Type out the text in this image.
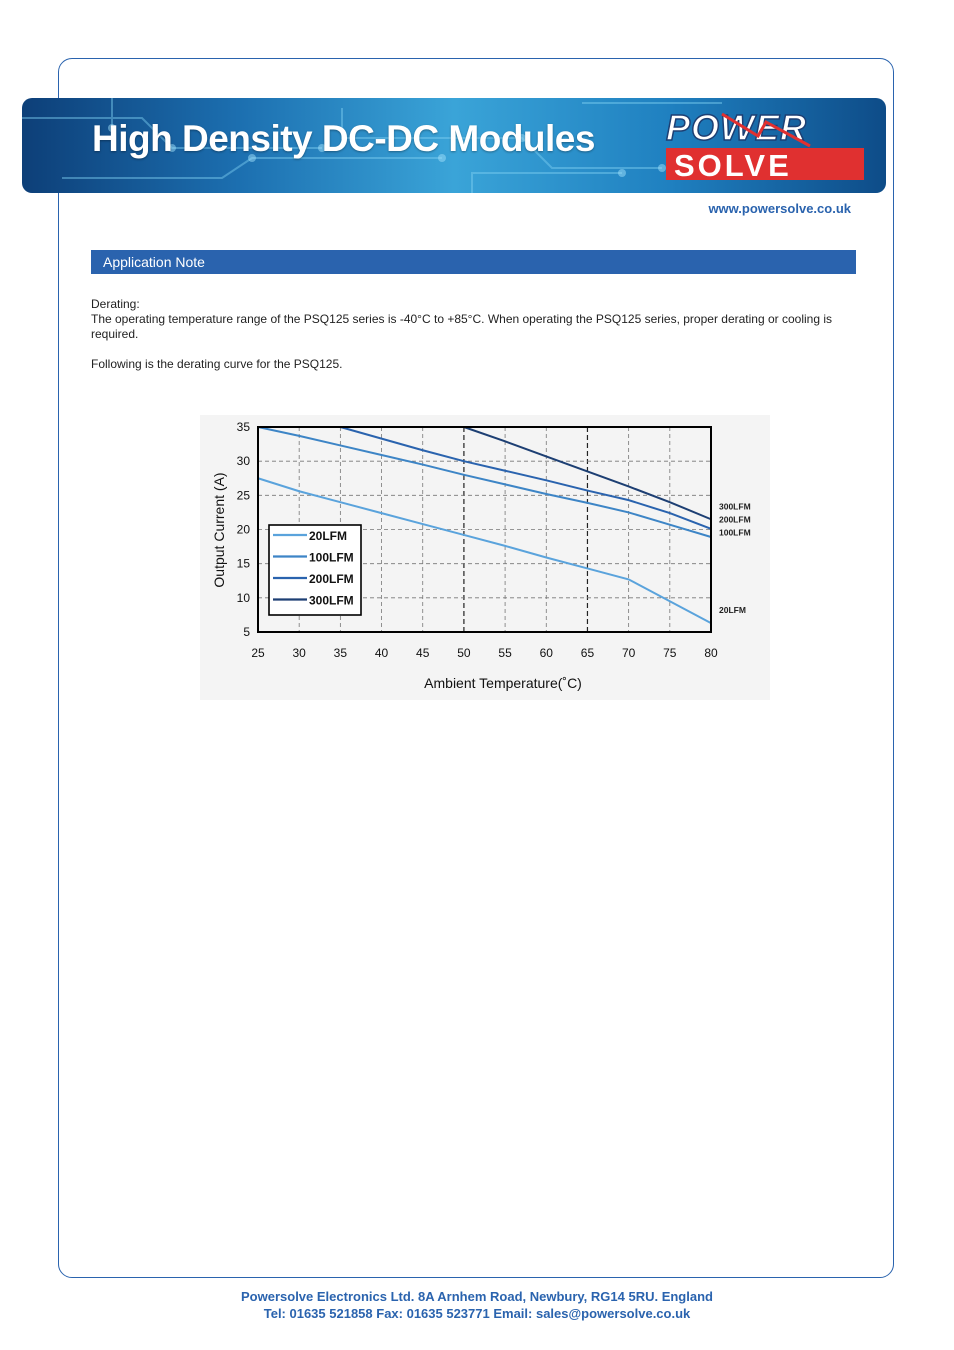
High Density DC-DC Modules POWER
SOLVE
www.powersolve.co.uk
Application Note

Derating:

The operating temperature range of the PSQ125 series is -40°C to +85°C. When operating the PSQ125 series, proper derating or cooling is required.

Following is the derating curve for the PSQ125.

25 30 35 40 45 50 55 60 65 70 75 80
5
10
15
20
25
30
35
20LFM
100LFM
200LFM
300LFM
300LFM
200LFM
100LFM
20LFM
Ambient Temperature(˚C)
Output Current (A)
Powersolve Electronics Ltd. 8A Arnhem Road, Newbury, RG14 5RU. England
Tel: 01635 521858 Fax: 01635 523771 Email: sales@powersolve.co.uk
